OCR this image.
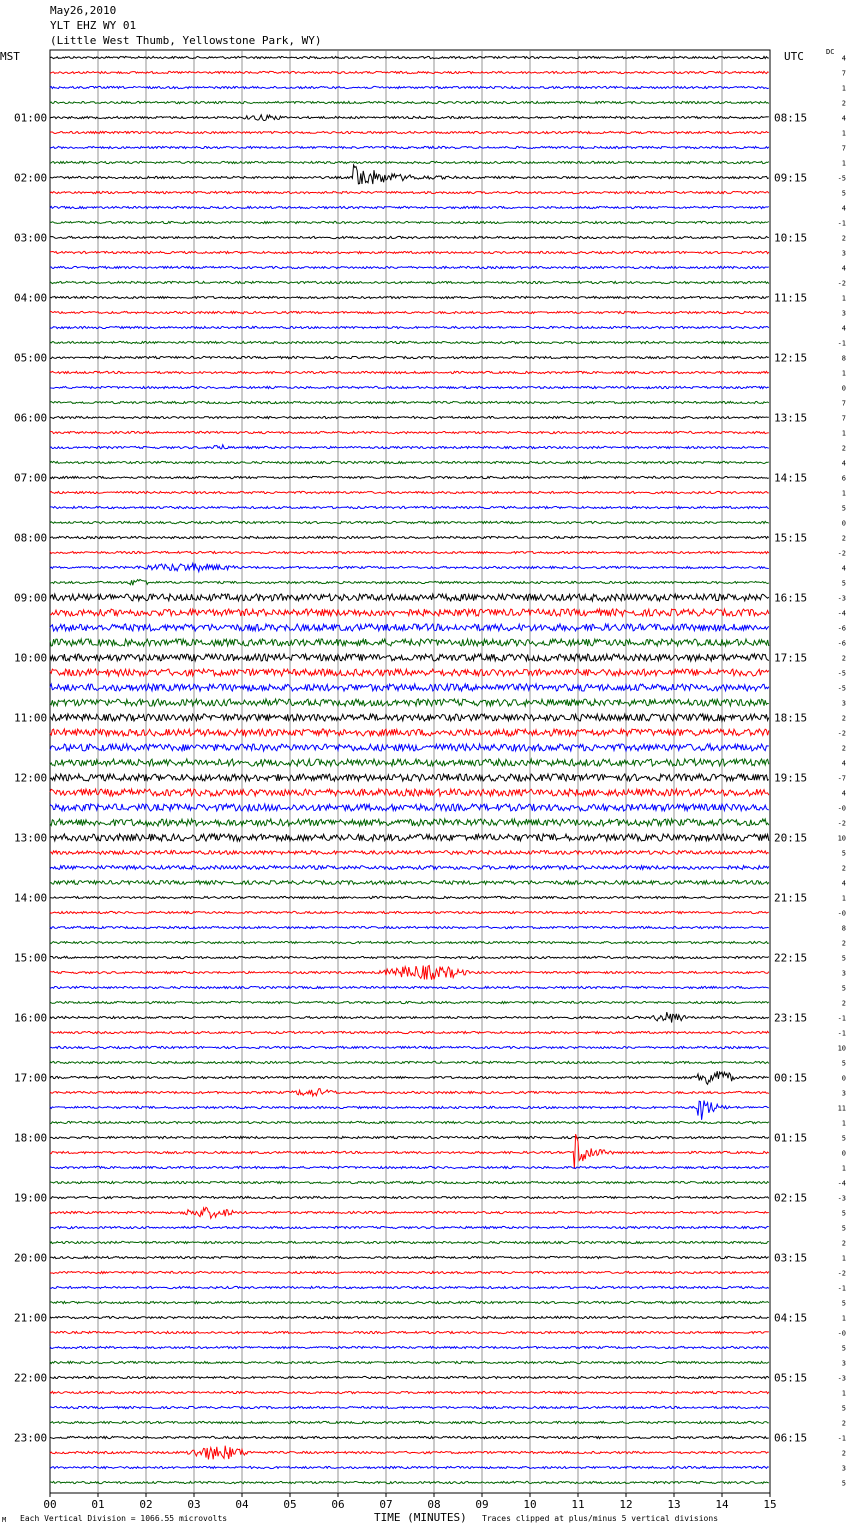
01:00
02:00
03:00
04:00
05:00
06:00
07:00
08:00
09:00
10:00
11:00
12:00
13:00
14:00
15:00
16:00
17:00
18:00
19:00
20:00
21:00
22:00
23:00
08:15
09:15
10:15
11:15
12:15
13:15
14:15
15:15
16:15
17:15
18:15
19:15
20:15
21:15
22:15
23:15
00:15
01:15
02:15
03:15
04:15
05:15
06:15
4
7
1
2
4
1
7
1
-5
5
4
-1
2
3
4
-2
1
3
4
-1
8
1
0
7
7
1
2
4
6
1
5
0
2
-2
4
5
-3
-4
-6
-6
2
-5
-5
3
2
-2
2
4
-7
4
-0
-2
10
5
2
4
1
-0
8
2
5
3
5
2
-1
-1
10
5
0
3
11
1
5
0
1
-4
-3
5
5
2
1
-2
-1
5
1
-0
5
3
-3
1
5
2
-1
2
3
5
00	01	02	03	04	05	06	07	08	09	10	11	12	13	14	15
May26,2010
YLT EHZ WY 01
(Little West Thumb, Yellowstone Park, WY)
MST	UTC	DC
M Each Vertical Division = 1066.55 microvolts	TIME (MINUTES) Traces clipped at plus/minus 5 vertical divisions
